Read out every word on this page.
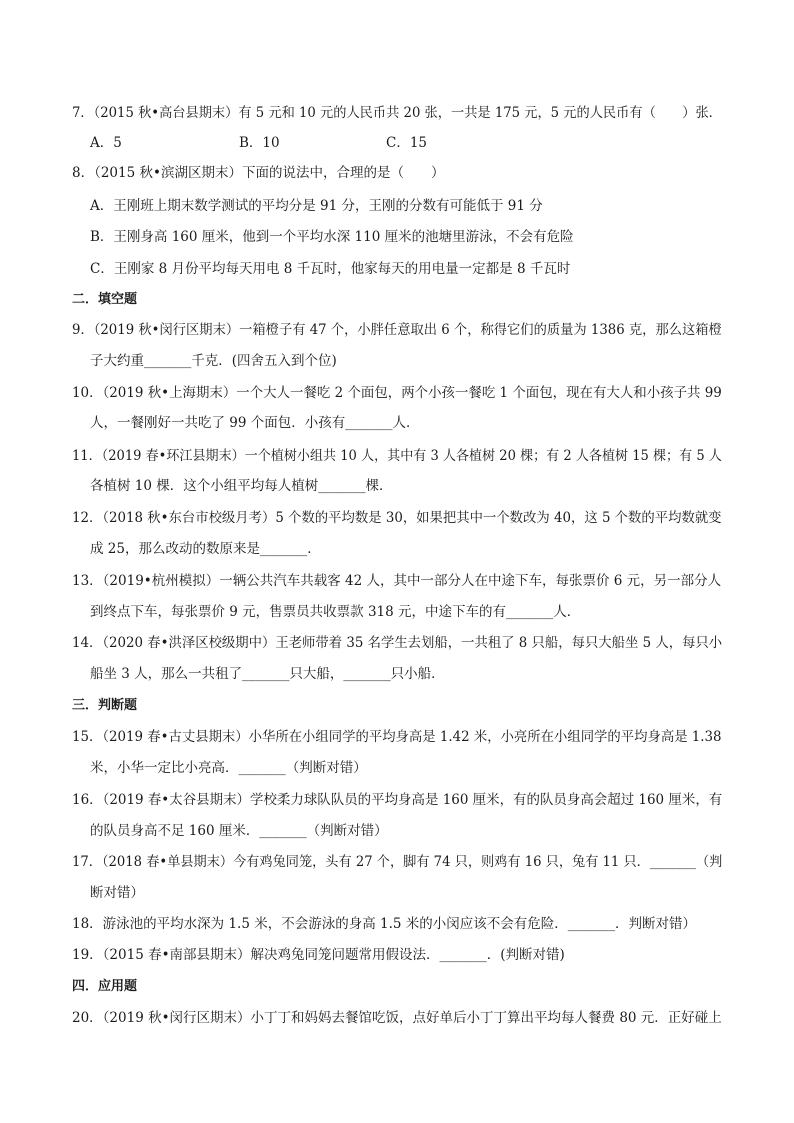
7．（2015 秋•高台县期末）有 5 元和 10 元的人民币共 20 张，一共是 175 元，5 元的人民币有（　　）张．
A．5	B．10	C．15
8．（2015 秋•滨湖区期末）下面的说法中，合理的是（　　）
A．王刚班上期末数学测试的平均分是 91 分，王刚的分数有可能低于 91 分
B．王刚身高 160 厘米，他到一个平均水深 110 厘米的池塘里游泳，不会有危险
C．王刚家 8 月份平均每天用电 8 千瓦时，他家每天的用电量一定都是 8 千瓦时
二．填空题
9．（2019 秋•闵行区期末）一箱橙子有 47 个，小胖任意取出 6 个，称得它们的质量为 1386 克，那么这箱橙
子大约重_______千克．(四舍五入到个位)
10．（2019 秋•上海期末）一个大人一餐吃 2 个面包，两个小孩一餐吃 1 个面包，现在有大人和小孩子共 99
人，一餐刚好一共吃了 99 个面包．小孩有_______人．
11．（2019 春•环江县期末）一个植树小组共 10 人，其中有 3 人各植树 20 棵；有 2 人各植树 15 棵；有 5 人
各植树 10 棵．这个小组平均每人植树_______棵．
12．（2018 秋•东台市校级月考）5 个数的平均数是 30，如果把其中一个数改为 40，这 5 个数的平均数就变
成 25，那么改动的数原来是_______．
13．（2019•杭州模拟）一辆公共汽车共载客 42 人，其中一部分人在中途下车，每张票价 6 元，另一部分人
到终点下车，每张票价 9 元，售票员共收票款 318 元，中途下车的有_______人．
14．（2020 春•洪泽区校级期中）王老师带着 35 名学生去划船，一共租了 8 只船，每只大船坐 5 人，每只小
船坐 3 人，那么一共租了_______只大船，_______只小船．
三．判断题
15．（2019 春•古丈县期末）小华所在小组同学的平均身高是 1.42 米，小亮所在小组同学的平均身高是 1.38
米，小华一定比小亮高．_______（判断对错）
16．（2019 春•太谷县期末）学校柔力球队队员的平均身高是 160 厘米，有的队员身高会超过 160 厘米，有
的队员身高不足 160 厘米．_______（判断对错）
17．（2018 春•单县期末）今有鸡兔同笼，头有 27 个，脚有 74 只，则鸡有 16 只，兔有 11 只．_______（判
断对错）
18．游泳池的平均水深为 1.5 米，不会游泳的身高 1.5 米的小闵应该不会有危险．_______．判断对错）
19．（2015 春•南部县期末）解决鸡兔同笼问题常用假设法．_______．(判断对错)
四．应用题
20．（2019 秋•闵行区期末）小丁丁和妈妈去餐馆吃饭，点好单后小丁丁算出平均每人餐费 80 元．正好碰上
